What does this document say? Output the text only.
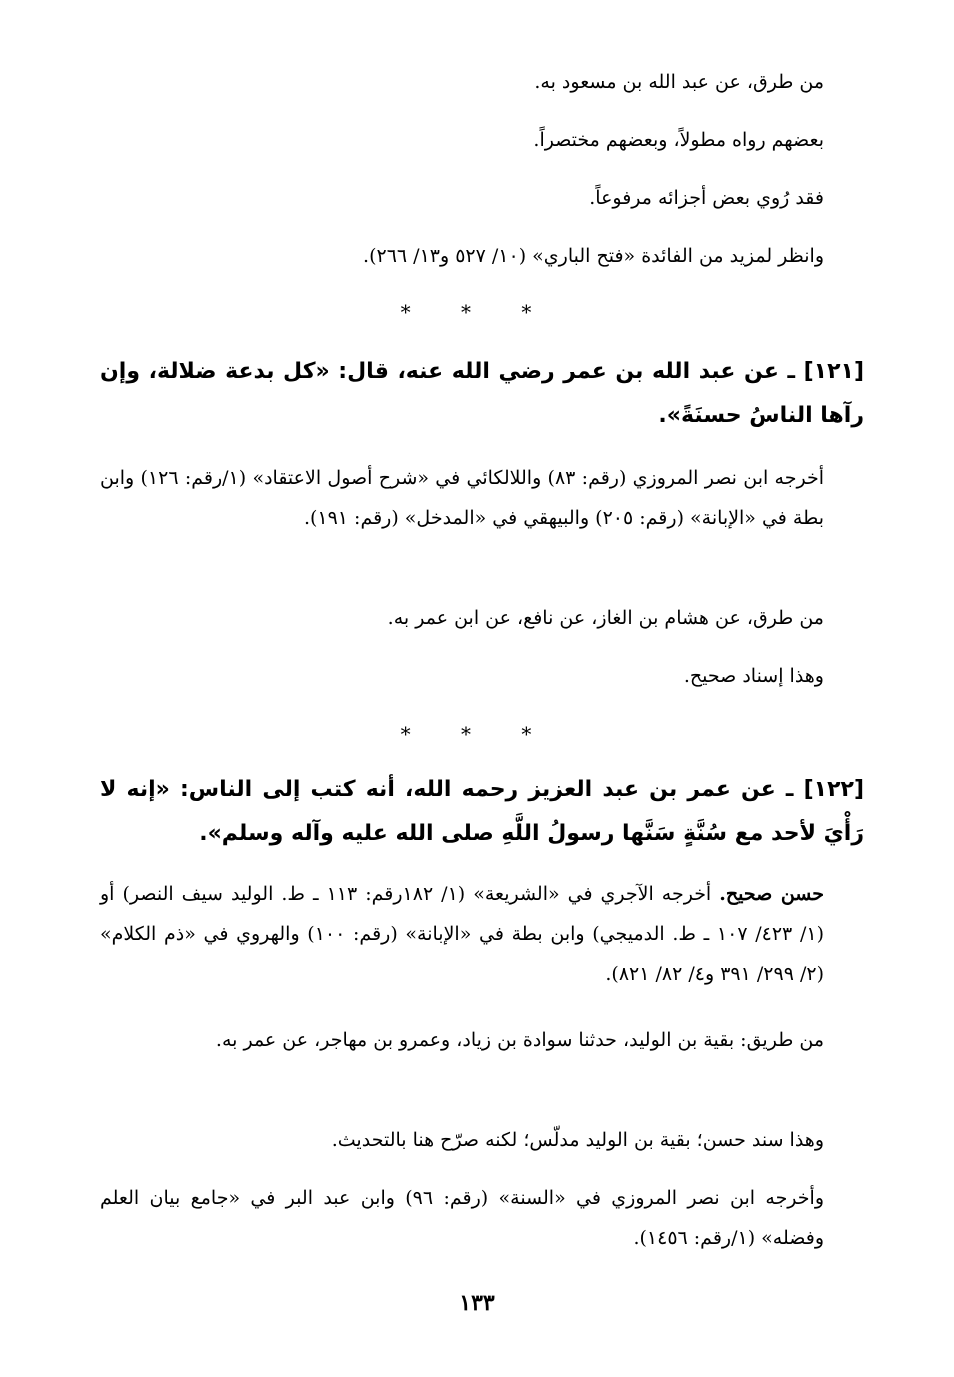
من طرق، عن عبد الله بن مسعود به.
بعضهم رواه مطولاً، وبعضهم مختصراً.
فقد رُوي بعض أجزائه مرفوعاً.
وانظر لمزيد من الفائدة «فتح الباري» (١٠/ ٥٢٧ و١٣/ ٢٦٦).
* * *
[١٢١] ـ عن عبد الله بن عمر رضي الله عنه، قال: «كل بدعة ضلالة، وإن رآها الناسُ حسنَةً».
أخرجه ابن نصر المروزي (رقم: ٨٣) واللالكائي في «شرح أصول الاعتقاد» (١/رقم: ١٢٦) وابن بطة في «الإبانة» (رقم: ٢٠٥) والبيهقي في «المدخل» (رقم: ١٩١).
من طرق، عن هشام بن الغاز، عن نافع، عن ابن عمر به.
وهذا إسناد صحيح.
* * *
[١٢٢] ـ عن عمر بن عبد العزيز رحمه الله، أنه كتب إلى الناس: «إنه لا رَأْيَ لأحد مع سُنَّةٍ سَنَّها رسولُ اللَّهِ صلى الله عليه وآله وسلم».
حسن صحيح. أخرجه الآجري في «الشريعة» (١/ ١٨٢رقم: ١١٣ ـ ط. الوليد سيف النصر) أو (١/ ٤٢٣/ ١٠٧ ـ ط. الدميجي) وابن بطة في «الإبانة» (رقم: ١٠٠) والهروي في «ذم الكلام» (٢/ ٢٩٩/ ٣٩١ و٤/ ٨٢/ ٨٢١).
من طريق: بقية بن الوليد، حدثنا سوادة بن زياد، وعمرو بن مهاجر، عن عمر به.
وهذا سند حسن؛ بقية بن الوليد مدلّس؛ لكنه صرّح هنا بالتحديث.
وأخرجه ابن نصر المروزي في «السنة» (رقم: ٩٦) وابن عبد البر في «جامع بيان العلم وفضله» (١/رقم: ١٤٥٦).
١٣٣
